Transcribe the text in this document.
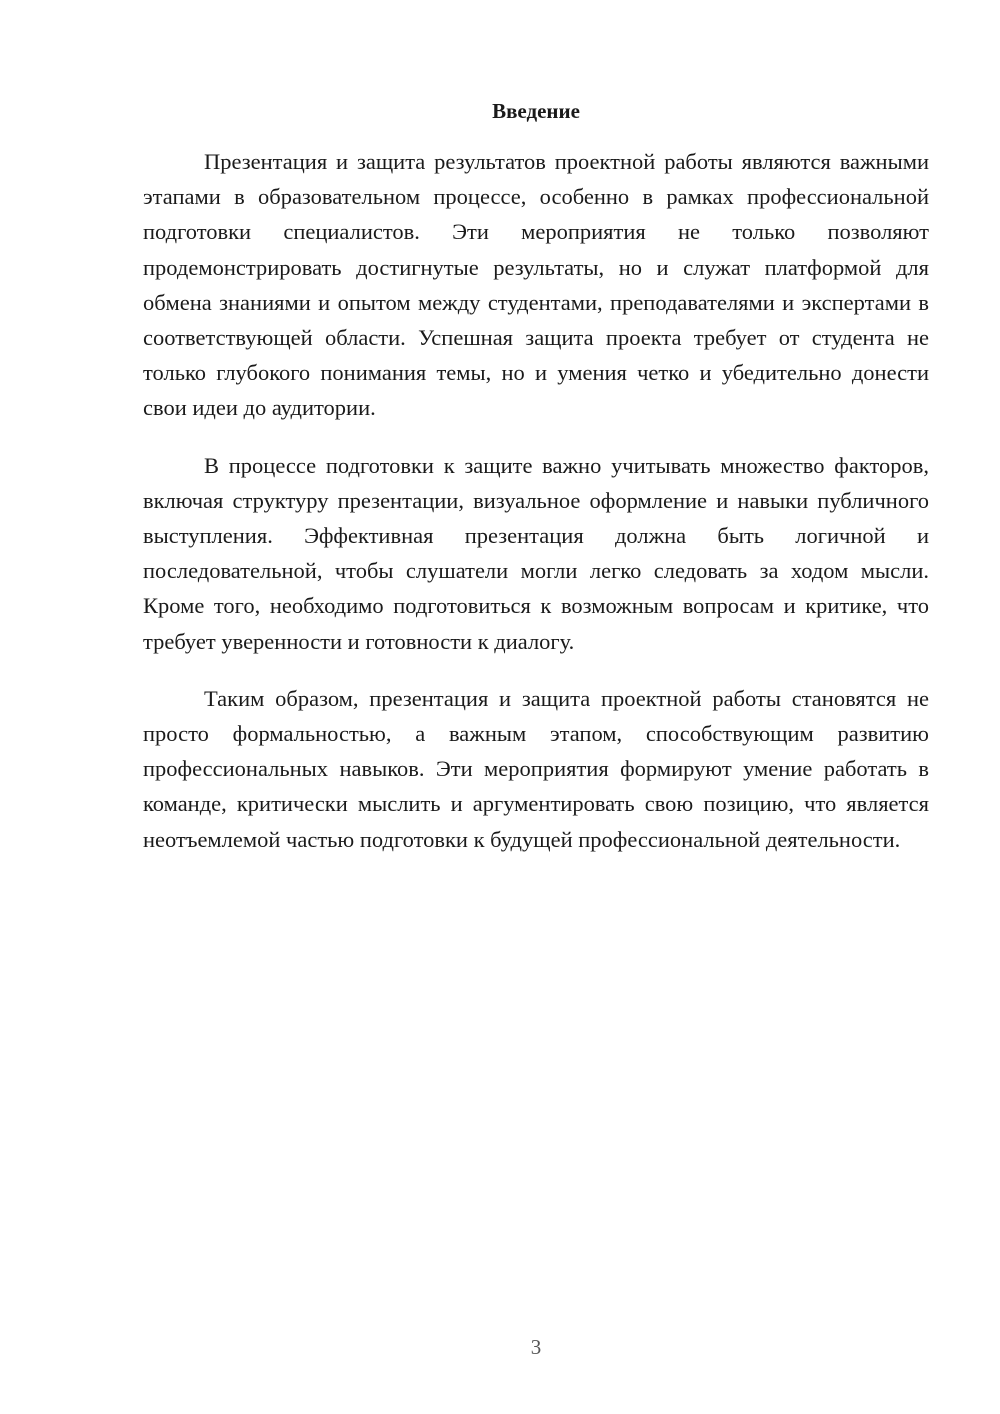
Введение

Презентация и защита результатов проектной работы являются важными этапами в образовательном процессе, особенно в рамках профессиональной подготовки специалистов. Эти мероприятия не только позволяют продемонстрировать достигнутые результаты, но и служат платформой для обмена знаниями и опытом между студентами, преподавателями и экспертами в соответствующей области. Успешная защита проекта требует от студента не только глубокого понимания темы, но и умения четко и убедительно донести свои идеи до аудитории.

В процессе подготовки к защите важно учитывать множество факторов, включая структуру презентации, визуальное оформление и навыки публичного выступления. Эффективная презентация должна быть логичной и последовательной, чтобы слушатели могли легко следовать за ходом мысли. Кроме того, необходимо подготовиться к возможным вопросам и критике, что требует уверенности и готовности к диалогу.

Таким образом, презентация и защита проектной работы становятся не просто формальностью, а важным этапом, способствующим развитию профессиональных навыков. Эти мероприятия формируют умение работать в команде, критически мыслить и аргументировать свою позицию, что является неотъемлемой частью подготовки к будущей профессиональной деятельности.

3
